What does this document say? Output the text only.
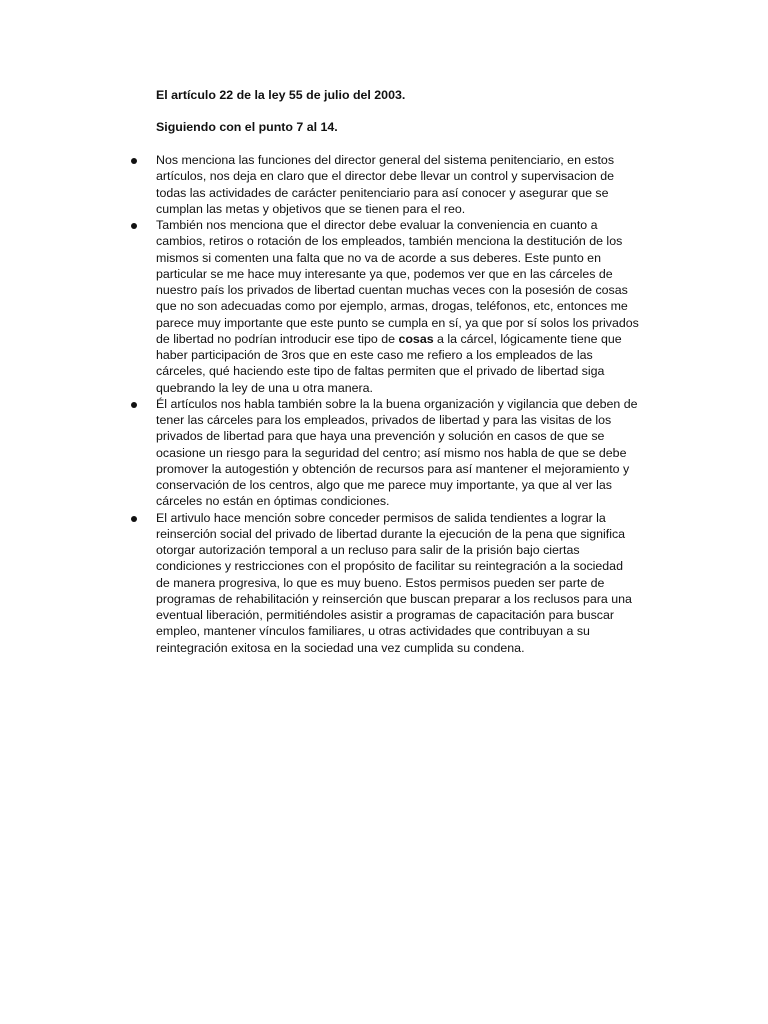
El artículo 22 de la ley 55 de julio del 2003.

Siguiendo con el punto 7 al 14.

Nos menciona las funciones del director general del sistema penitenciario, en estos
artículos, nos deja en claro que el director debe llevar un control y supervisacion de
todas las actividades de carácter penitenciario para así conocer y asegurar que se
cumplan las metas y objetivos que se tienen para el reo.
También nos menciona que el director debe evaluar la conveniencia en cuanto a
cambios, retiros o rotación de los empleados, también menciona la destitución de los
mismos si comenten una falta que no va de acorde a sus deberes. Este punto en
particular se me hace muy interesante ya que, podemos ver que en las cárceles de
nuestro país los privados de libertad cuentan muchas veces con la posesión de cosas
que no son adecuadas como por ejemplo, armas, drogas, teléfonos, etc, entonces me
parece muy importante que este punto se cumpla en sí, ya que por sí solos los privados
de libertad no podrían introducir ese tipo de cosas a la cárcel, lógicamente tiene que
haber participación de 3ros que en este caso me refiero a los empleados de las
cárceles, qué haciendo este tipo de faltas permiten que el privado de libertad siga
quebrando la ley de una u otra manera.
Él artículos nos habla también sobre la la buena organización y vigilancia que deben de
tener las cárceles para los empleados, privados de libertad y para las visitas de los
privados de libertad para que haya una prevención y solución en casos de que se
ocasione un riesgo para la seguridad del centro; así mismo nos habla de que se debe
promover la autogestión y obtención de recursos para así mantener el mejoramiento y
conservación de los centros, algo que me parece muy importante, ya que al ver las
cárceles no están en óptimas condiciones.
El artivulo hace mención sobre conceder permisos de salida tendientes a lograr la
reinserción social del privado de libertad durante la ejecución de la pena que significa
otorgar autorización temporal a un recluso para salir de la prisión bajo ciertas
condiciones y restricciones con el propósito de facilitar su reintegración a la sociedad
de manera progresiva, lo que es muy bueno. Estos permisos pueden ser parte de
programas de rehabilitación y reinserción que buscan preparar a los reclusos para una
eventual liberación, permitiéndoles asistir a programas de capacitación para buscar
empleo, mantener vínculos familiares, u otras actividades que contribuyan a su
reintegración exitosa en la sociedad una vez cumplida su condena.
